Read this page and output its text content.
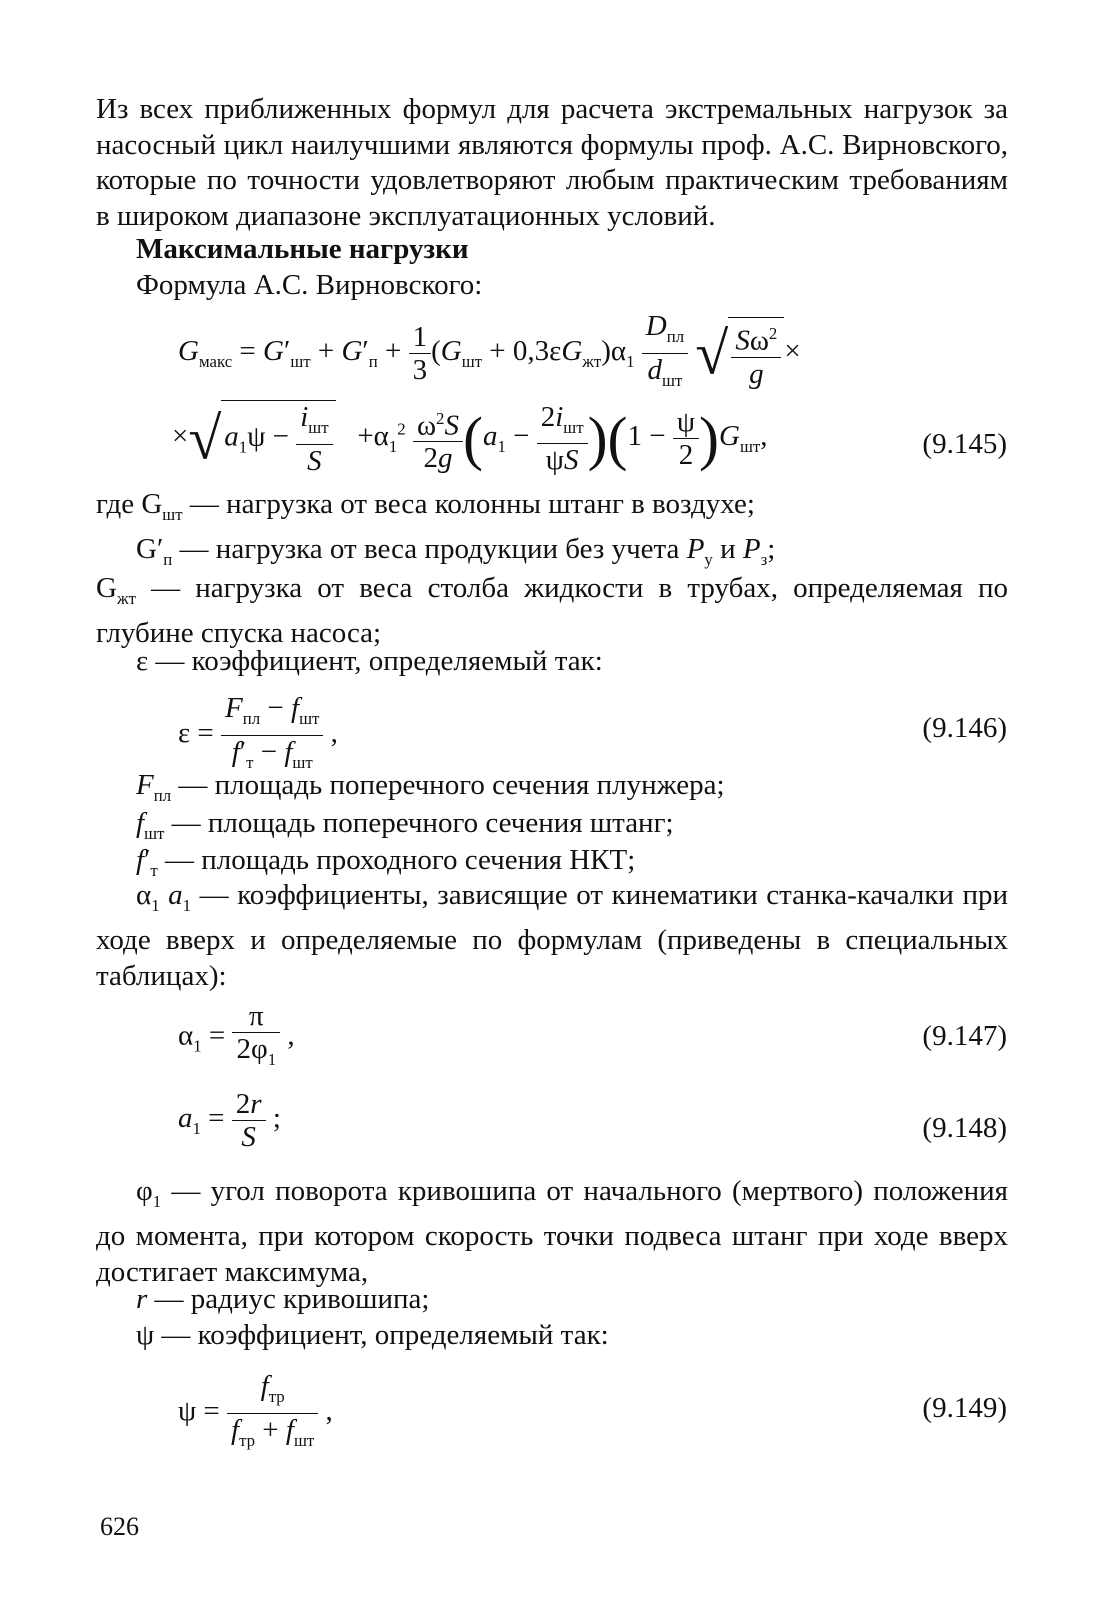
Из всех приближенных формул для расчета экстремальных нагрузок за насосный цикл наилучшими являются формулы проф. А.С. Вирновского, которые по точности удовлетворяют любым практическим требованиям в широком диапазоне эксплуатационных условий.

Максимальные нагрузки

Формула А.С. Вирновского:

$G_{макс} = G'_{шт} + G'_п + \frac{1}{3} (G_{шт} + 0,3\varepsilon G_{жт})\alpha_1$
$D_{пл}$
$d_{шт}$ √ $\frac{S\omega^2}{g}$ ×
×√ $a_1\psi$ −
$i_{шт}$
S
$+\alpha_1^2 \frac{\omega^2S}{2g} (a_1$ −
$2i_{шт}$
ψS )$(1 - \frac{\psi}{2} )G_{шт}$,	(9.145)

где $G_{шт}$ — нагрузка от веса колонны штанг в воздухе;

$G'_п$ — нагрузка от веса продукции без учета $P_у$ и $P_з$;

$G_{жт}$ — нагрузка от веса столба жидкости в трубах, определяемая по глубине спуска насоса;

ε — коэффициент, определяемый так:

ε =
$F_{пл} - f_{шт}$
$f'_т - f_{шт}$
,	(9.146)

$F_{пл}$ — площадь поперечного сечения плунжера;

$f_{шт}$ — площадь поперечного сечения штанг;

$f'_т$ — площадь проходного сечения НКТ;

$\alpha_1$ $a_1$ — коэффициенты, зависящие от кинематики станка-качалки при ходе вверх и определяемые по формулам (приведены в специальных таблицах):

$\alpha_1 = \frac{\pi}{2\varphi_1}$ ,	(9.147)
$a_1 = \frac{2r}{S}$ ;	(9.148)

$\varphi_1$ — угол поворота кривошипа от начального (мертвого) положения до момента, при котором скорость точки подвеса штанг при ходе вверх достигает максимума,

r — радиус кривошипа;

ψ — коэффициент, определяемый так:

ψ =
$f_{тр}$
$f_{тр} + f_{шт}$
,	(9.149)
626
